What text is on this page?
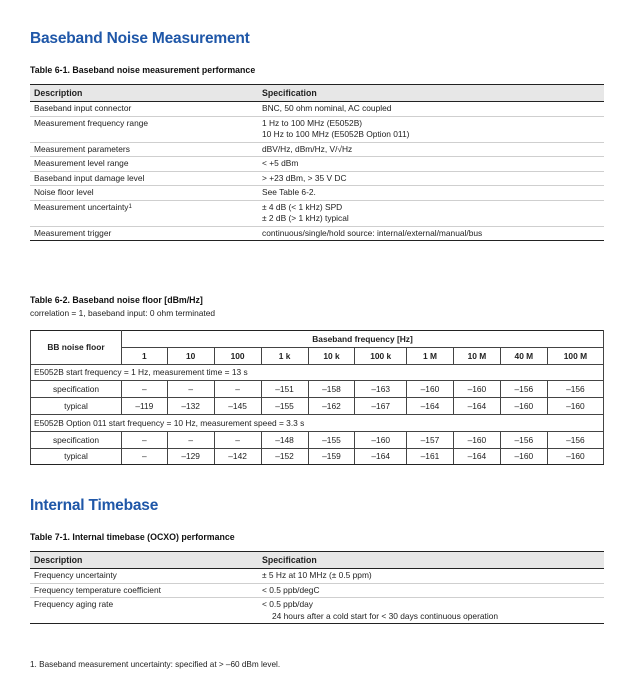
Baseband Noise Measurement

Table 6-1. Baseband noise measurement performance

Description	Specification
Baseband input connector	BNC, 50 ohm nominal, AC coupled

Measurement frequency range	1 Hz to 100 MHz (E5052B)
10 Hz to 100 MHz (E5052B Option 011)

Measurement parameters	dBV/Hz, dBm/Hz, V/√Hz

Measurement level range	< +5 dBm

Baseband input damage level	> +23 dBm, > 35 V DC

Noise floor level	See Table 6-2.

Measurement uncertainty$^1$	± 4 dB (< 1 kHz) SPD
± 2 dB (> 1 kHz) typical

Measurement trigger	continuous/single/hold source: internal/external/manual/bus

Table 6-2. Baseband noise floor [dBm/Hz]

correlation = 1, baseband input: 0 ohm terminated

BB noise floor	Baseband frequency [Hz]									
	1	10	100	1 k	10 k	100 k	1 M	10 M	40 M	100 M
E5052B start frequency = 1 Hz, measurement time = 13 s										
specification	–	–	–	–151	–158	–163	–160	–160	–156	–156
typical	–119	–132	–145	–155	–162	–167	–164	–164	–160	–160
E5052B Option 011 start frequency = 10 Hz, measurement speed = 3.3 s										
specification	–	–	–	–148	–155	–160	–157	–160	–156	–156
typical	–	–129	–142	–152	–159	–164	–161	–164	–160	–160
Internal Timebase

Table 7-1. Internal timebase (OCXO) performance

Description	Specification
Frequency uncertainty	± 5 Hz at 10 MHz (± 0.5 ppm)

Frequency temperature coefficient	< 0.5 ppb/degC

Frequency aging rate	< 0.5 ppb/day
24 hours after a cold start for < 30 days continuous operation

1. Baseband measurement uncertainty: specified at > –60 dBm level.
